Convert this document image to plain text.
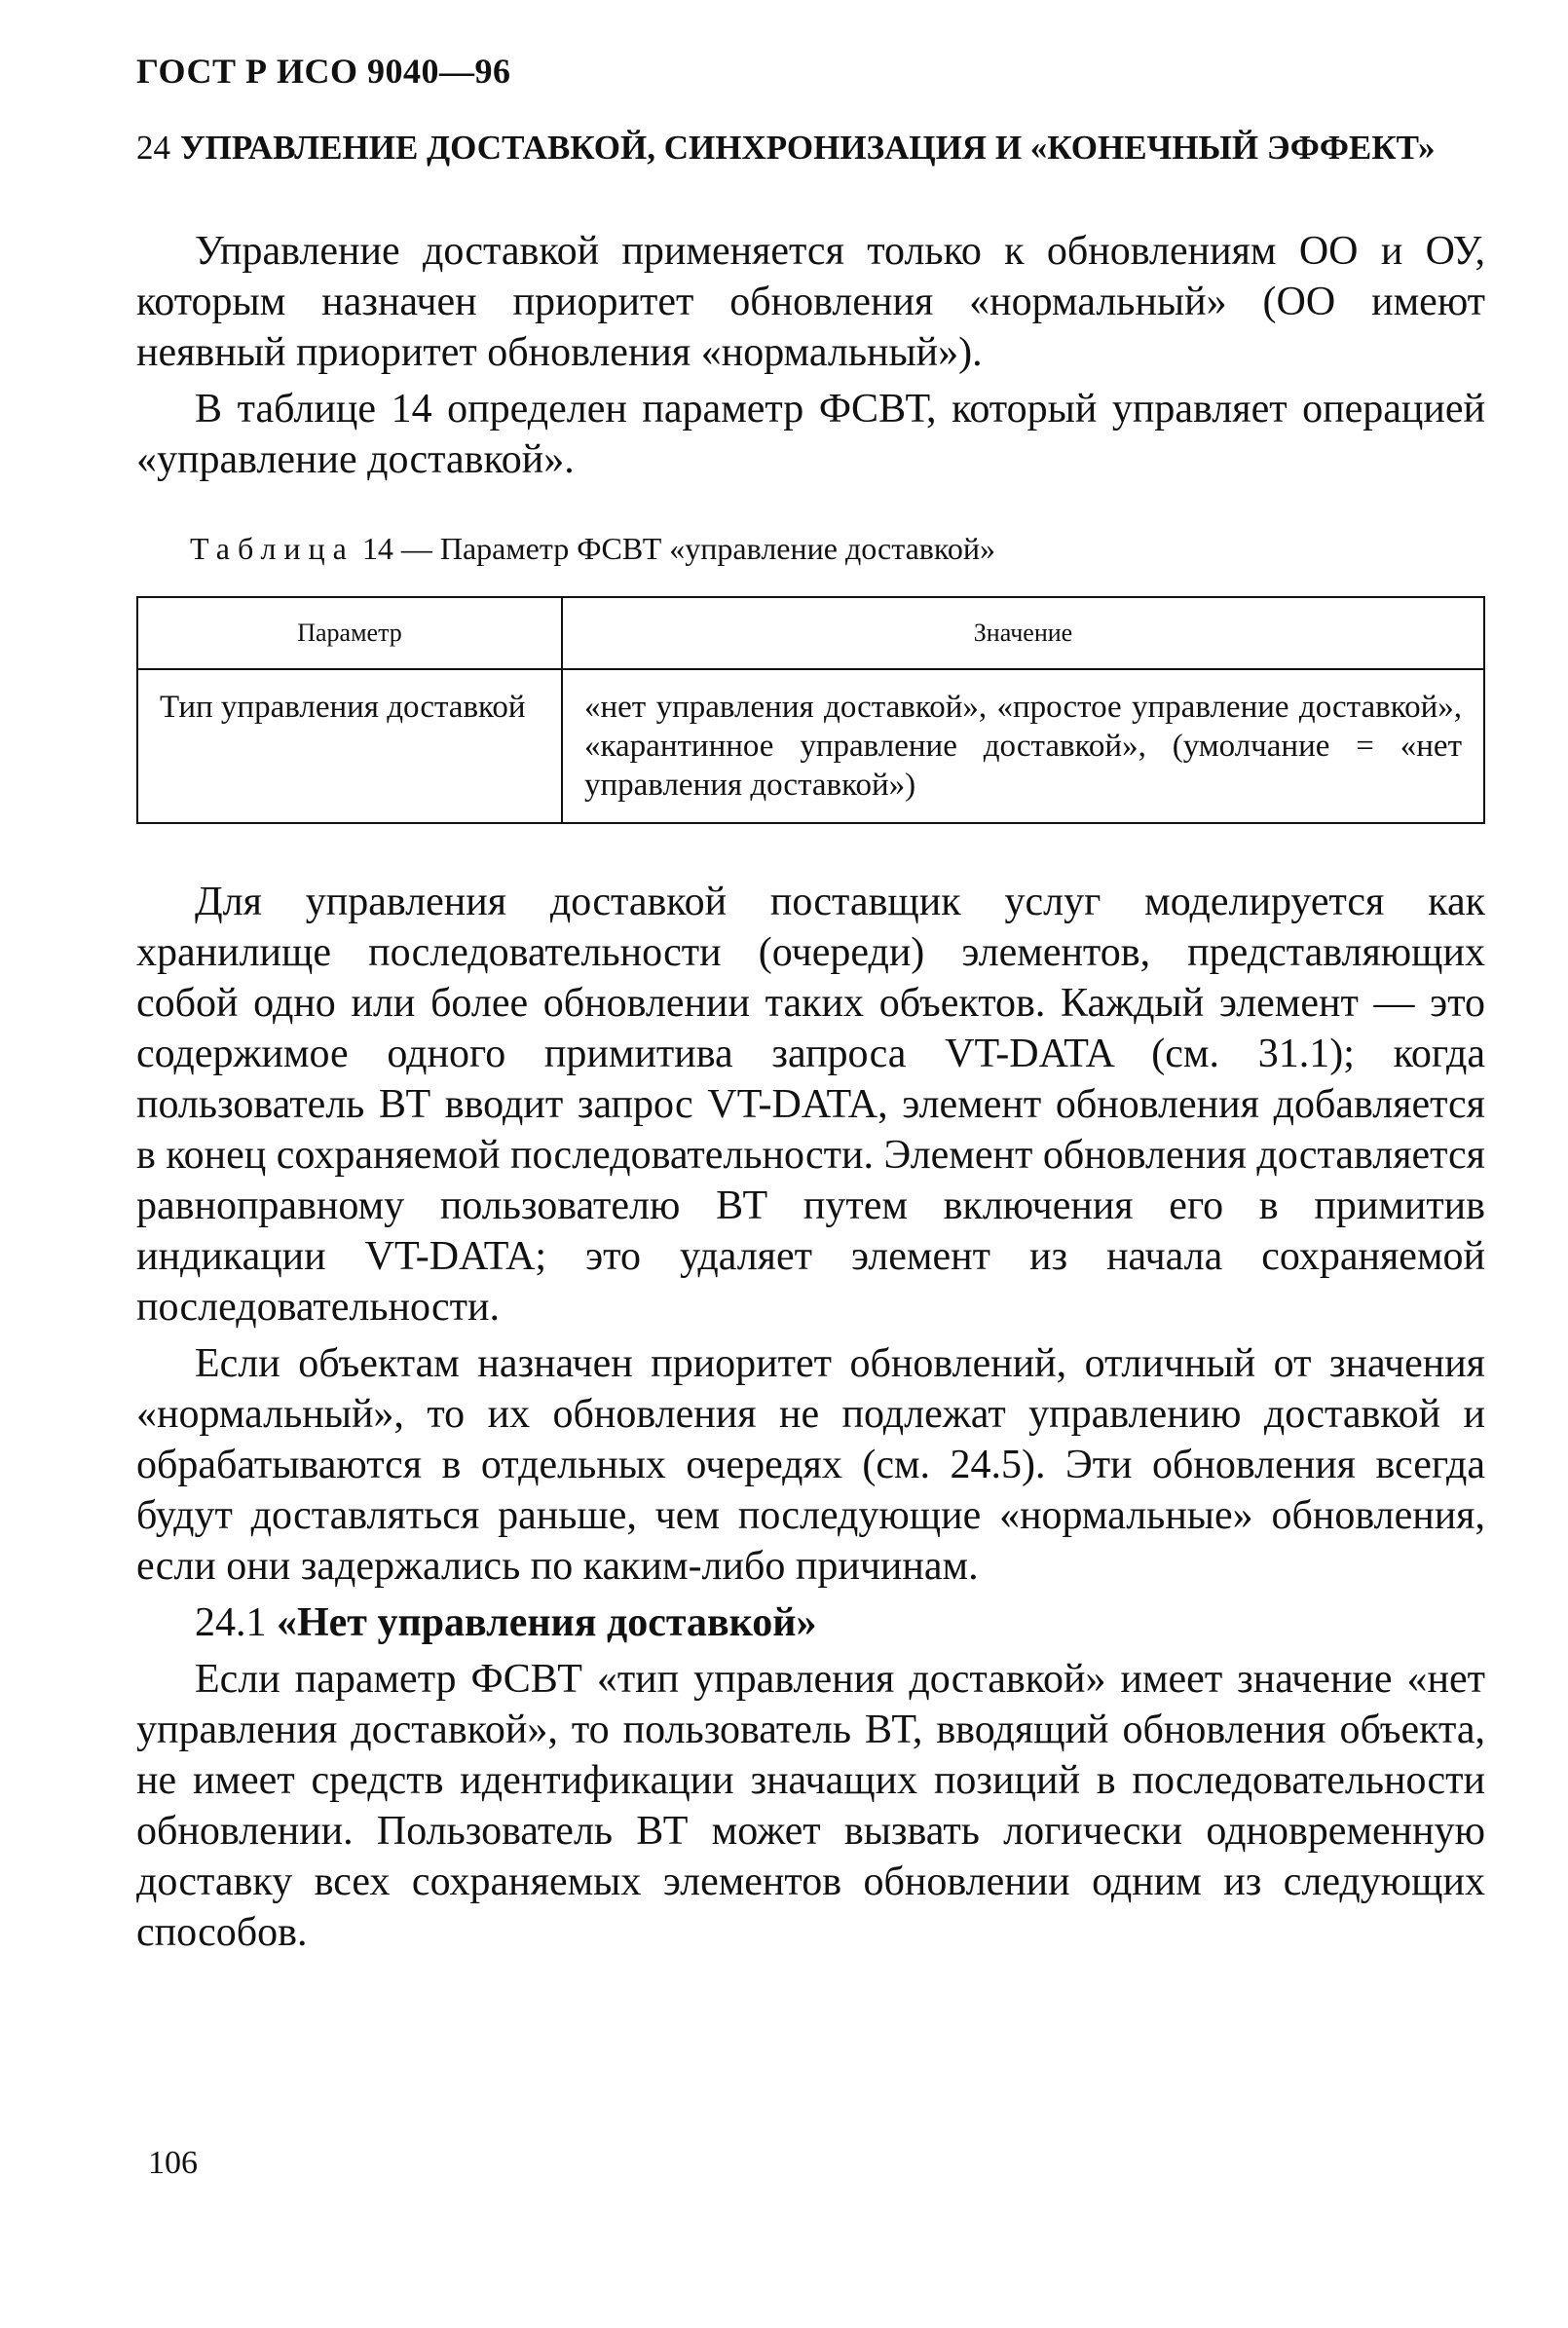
ГОСТ Р ИСО 9040—96
24 УПРАВЛЕНИЕ ДОСТАВКОЙ, СИНХРОНИЗАЦИЯ И «КОНЕЧНЫЙ ЭФФЕКТ»

Управление доставкой применяется только к обновлениям ОО и ОУ, которым назначен приоритет обновления «нормальный» (ОО имеют неявный приоритет обновления «нормальный»).

В таблице 14 определен параметр ФСВТ, который управляет операцией «управление доставкой».

Таблица 14 — Параметр ФСВТ «управление доставкой»
Параметр	Значение
Тип управления доставкой	«нет управления доставкой», «простое управление доставкой», «карантинное управление доставкой», (умолчание = «нет управления доставкой»)

Для управления доставкой поставщик услуг моделируется как хранилище последовательности (очереди) элементов, представляющих собой одно или более обновлении таких объектов. Каждый элемент — это содержимое одного примитива запроса VT-DATA (см. 31.1); когда пользователь ВТ вводит запрос VT-DATA, элемент обновления добавляется в конец сохраняемой последовательности. Элемент обновления доставляется равноправному пользователю ВТ путем включения его в примитив индикации VT-DATA; это удаляет элемент из начала сохраняемой последовательности.

Если объектам назначен приоритет обновлений, отличный от значения «нормальный», то их обновления не подлежат управлению доставкой и обрабатываются в отдельных очередях (см. 24.5). Эти обновления всегда будут доставляться раньше, чем последующие «нормальные» обновления, если они задержались по каким-либо причинам.

24.1 «Нет управления доставкой»

Если параметр ФСВТ «тип управления доставкой» имеет значение «нет управления доставкой», то пользователь ВТ, вводящий обновления объекта, не имеет средств идентификации значащих позиций в последовательности обновлении. Пользователь ВТ может вызвать логически одновременную доставку всех сохраняемых элементов обновлении одним из следующих способов.

106
